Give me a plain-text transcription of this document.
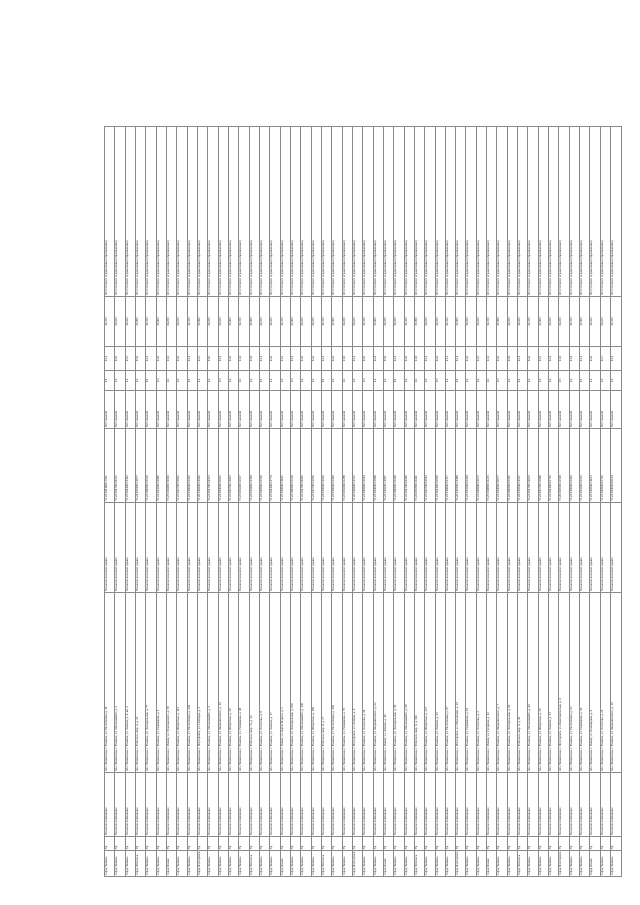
город Тюмень	Тр	Нежилое помещение	обл. Тюменская, г. Тюмень, ул. Республики, д. 11	Нежилое нежилое здание	72:23:0111001:2345	Нет записей	1/1	12,1	16,325	Отсутствуют ограничения (обременения)
город Тюмень	Тр	Нежилое помещение	обл. Тюменская, г. Тюмень, ул. Мельникайте, д. 2	Нежилое нежилое здание	72:23:0217002:4512	Нет записей	1/2	12,0	16,165	Отсутствуют ограничения (обременения)
город Тюмень	Тр	Нежилое помещение	обл. Тюменская, г. Тюмень, ул. Ленина, д. 4, кв. 1	Нежилое нежилое здание	72:23:0214001:3341	Нет записей	1/2	13,5	16,025	Отсутствуют ограничения (обременения)
город Тобольск	Тр	Нежилое помещение	обл. Тюменская, г. Тобольск, мкр. 4, д. 21	Нежилое нежилое здание	72:24:0301001:1877	Нет записей	1/2	11,0	15,995	Отсутствуют ограничения (обременения)
город Тюмень	Тр	Нежилое помещение	обл. Тюменская, г. Тюмень, ул. Холодильная, д. 77	Нежилое нежилое здание	72:23:0418002:5120	Нет записей	1/1	12,1	16,325	Отсутствуют ограничения (обременения)
город Тюмень	Тр	Нежилое помещение	обл. Тюменская, г. Тюмень, ул. Пермякова, д. 1	Нежилое нежилое здание	72:23:0432001:2980	Нет записей	1/3	12,0	15,905	Отсутствуют ограничения (обременения)
город Ишим	Тр	Нежилое помещение	обл. Тюменская, г. Ишим, ул. Луначарского, д. 59	Нежилое нежилое здание	72:25:0104003:1044	Нет записей	1/2	14,1	16,195	Отсутствуют ограничения (обременения)
город Тюмень	Тр	Нежилое помещение	обл. Тюменская, г. Тюмень, ул. Широтная, д. 113	Нежилое нежилое здание	72:23:0427001:3815	Нет записей	1/2	12,0	16,025	Отсутствуют ограничения (обременения)
город Тюмень	Тр	Нежилое помещение	обл. Тюменская, г. Тюмень, ул. Республики, д. 204	Нежилое нежилое здание	72:23:0106001:2201	Нет записей	1/1	12,1	16,325	Отсутствуют ограничения (обременения)
город Ялуторовск	Тр	Нежилое помещение	обл. Тюменская, г. Ялуторовск, ул. Свободы, д. 3	Нежилое нежилое здание	72:26:0102001:1456	Нет записей	1/2	12,5	15,995	Отсутствуют ограничения (обременения)
город Тюмень	Тр	Нежилое помещение	обл. Тюменская, г. Тюмень, ул. Мельникайте, д. 5	Нежилое нежилое здание	72:23:0217001:4472	Нет записей	1/2	13,0	16,025	Отсутствуют ограничения (обременения)
город Тюмень	Тр	Нежилое помещение	обл. Тюменская, г. Тюмень, ул. Федюнинского, д. 14	Нежилое нежилое здание	72:23:0430002:6012	Нет записей	1/3	12,1	16,165	Отсутствуют ограничения (обременения)
город Тюмень	Тр	Нежилое помещение	обл. Тюменская, г. Тюмень, ул. Широтная, д. 29	Нежилое нежилое здание	72:23:0427002:1923	Нет записей	1/2	12,0	15,905	Отсутствуют ограничения (обременения)
город Тюмень	Тр	Нежилое помещение	обл. Тюменская, г. Тюмень, ул. Пермякова, д. 48	Нежилое нежилое здание	72:23:0432003:2117	Нет записей	1/2	12,4	16,325	Отсутствуют ограничения (обременения)
город Тобольск	Тр	Нежилое помещение	обл. Тюменская, г. Тобольск, мкр. 7а, д. 12	Нежилое нежилое здание	72:24:0304002:1308	Нет записей	1/2	11,8	15,995	Отсутствуют ограничения (обременения)
город Тюмень	Тр	Нежилое помещение	обл. Тюменская, г. Тюмень, ул. Логунова, д. 8	Нежилое нежилое здание	72:23:0429001:3560	Нет записей	1/1	12,1	16,025	Отсутствуют ограничения (обременения)
город Тюмень	Тр	Нежилое помещение	обл. Тюменская, г. Тюмень, ул. Ленина, д. 17	Нежилое нежилое здание	72:23:0214002:2774	Нет записей	1/2	12,0	16,165	Отсутствуют ограничения (обременения)
город Ишим	Тр	Нежилое помещение	обл. Тюменская, г. Ишим, ул. Карла Маркса, д. 5	Нежилое нежилое здание	72:25:0106001:1182	Нет записей	1/2	13,2	16,325	Отсутствуют ограничения (обременения)
город Тюмень	Тр	Нежилое помещение	обл. Тюменская, г. Тюмень, ул. Холодильная, д. 136	Нежилое нежилое здание	72:23:0418001:5239	Нет записей	1/3	12,1	15,905	Отсутствуют ограничения (обременения)
город Тюмень	Тр	Нежилое помещение	обл. Тюменская, г. Тюмень, ул. Мельникайте, д. 130	Нежилое нежилое здание	72:23:0217003:4681	Нет записей	1/2	12,0	16,025	Отсутствуют ограничения (обременения)
город Тюмень	Тр	Нежилое помещение	обл. Тюменская, г. Тюмень, ул. Широтная, д. 100	Нежилое нежилое здание	72:23:0427003:2056	Нет записей	1/2	12,6	16,165	Отсутствуют ограничения (обременения)
город Тобольск	Тр	Нежилое помещение	обл. Тюменская, г. Тобольск, мкр. 9, д. 27	Нежилое нежилое здание	72:24:0306001:1620	Нет записей	1/1	12,1	16,325	Отсутствуют ограничения (обременения)
город Тюмень	Тр	Нежилое помещение	обл. Тюменская, г. Тюмень, ул. Республики, д. 160	Нежилое нежилое здание	72:23:0106002:2409	Нет записей	1/2	12,0	15,995	Отсутствуют ограничения (обременения)
город Тюмень	Тр	Нежилое помещение	обл. Тюменская, г. Тюмень, ул. Пермякова, д. 76	Нежилое нежилое здание	72:23:0432002:2288	Нет записей	1/2	13,0	16,025	Отсутствуют ограничения (обременения)
город Ялуторовск	Тр	Нежилое помещение	обл. Тюменская, г. Ялуторовск, ул. Ленина, д. 8	Нежилое нежилое здание	72:26:0104001:1532	Нет записей	1/2	12,1	16,165	Отсутствуют ограничения (обременения)
город Тюмень	Тр	Нежилое помещение	обл. Тюменская, г. Тюмень, ул. Логунова, д. 14	Нежилое нежилое здание	72:23:0429002:3614	Нет записей	1/3	12,0	16,325	Отсутствуют ограничения (обременения)
город Тюмень	Тр	Нежилое помещение	обл. Тюменская, г. Тюмень, ул. Федюнинского, д. 62	Нежилое нежилое здание	72:23:0430001:5988	Нет записей	1/2	12,4	15,905	Отсутствуют ограничения (обременения)
город Ишим	Тр	Нежилое помещение	обл. Тюменская, г. Ишим, ул. Ленина, д. 40	Нежилое нежилое здание	72:25:0102002:1097	Нет записей	1/2	11,9	16,025	Отсутствуют ограничения (обременения)
город Тюмень	Тр	Нежилое помещение	обл. Тюменская, г. Тюмень, ул. Холодильная, д. 59	Нежилое нежилое здание	72:23:0418003:5186	Нет записей	1/1	12,1	16,165	Отсутствуют ограничения (обременения)
город Тюмень	Тр	Нежилое помещение	обл. Тюменская, г. Тюмень, ул. Мельникайте, д. 99	Нежилое нежилое здание	72:23:0217004:4590	Нет записей	1/2	12,0	16,325	Отсутствуют ограничения (обременения)
город Тобольск	Тр	Нежилое помещение	обл. Тюменская, г. Тобольск, мкр. 6, д. 116	Нежилое нежилое здание	72:24:0303001:1411	Нет записей	1/2	12,8	15,995	Отсутствуют ограничения (обременения)
город Тюмень	Тр	Нежилое помещение	обл. Тюменская, г. Тюмень, ул. Широтная, д. 217	Нежилое нежилое здание	72:23:0427004:2143	Нет записей	1/2	12,1	16,025	Отсутствуют ограничения (обременения)
город Тюмень	Тр	Нежилое помещение	обл. Тюменская, г. Тюмень, ул. Ленина, д. 61	Нежилое нежилое здание	72:23:0214003:2830	Нет записей	1/3	12,0	16,165	Отсутствуют ограничения (обременения)
город Тюмень	Тр	Нежилое помещение	обл. Тюменская, г. Тюмень, ул. Республики, д. 87	Нежилое нежилое здание	72:23:0106003:2357	Нет записей	1/2	13,1	16,325	Отсутствуют ограничения (обременения)
город Ялуторовск	Тр	Нежилое помещение	обл. Тюменская, г. Ялуторовск, ул. Революции, д. 21	Нежилое нежилое здание	72:26:0103002:1488	Нет записей	1/1	12,1	15,905	Отсутствуют ограничения (обременения)
город Тюмень	Тр	Нежилое помещение	обл. Тюменская, г. Тюмень, ул. Пермякова, д. 10	Нежилое нежилое здание	72:23:0432004:2204	Нет записей	1/2	12,0	16,025	Отсутствуют ограничения (обременения)
город Тюмень	Тр	Нежилое помещение	обл. Тюменская, г. Тюмень, ул. Логунова, д. 3	Нежилое нежилое здание	72:23:0429003:3671	Нет записей	1/2	12,5	16,165	Отсутствуют ограничения (обременения)
город Ишим	Тр	Нежилое помещение	обл. Тюменская, г. Ишим, ул. Гагарина, д. 12	Нежилое нежилое здание	72:25:0108001:1225	Нет записей	1/2	12,1	16,325	Отсутствуют ограничения (обременения)
город Тюмень	Тр	Нежилое помещение	обл. Тюменская, г. Тюмень, ул. Федюнинского, д. 7	Нежилое нежилое здание	72:23:0430003:6077	Нет записей	1/3	12,0	15,995	Отсутствуют ограничения (обременения)
город Тюмень	Тр	Нежилое помещение	обл. Тюменская, г. Тюмень, ул. Холодильная, д. 18	Нежилое нежилое здание	72:23:0418004:5295	Нет записей	1/2	12,9	16,025	Отсутствуют ограничения (обременения)
город Тобольск	Тр	Нежилое помещение	обл. Тюменская, г. Тобольск, мкр. 8, д. 45	Нежилое нежилое здание	72:24:0305002:1567	Нет записей	1/1	12,1	16,165	Отсутствуют ограничения (обременения)
город Тюмень	Тр	Нежилое помещение	обл. Тюменская, г. Тюмень, ул. Мельникайте, д. 44	Нежилое нежилое здание	72:23:0217005:4633	Нет записей	1/2	12,0	16,325	Отсутствуют ограничения (обременения)
город Тюмень	Тр	Нежилое помещение	обл. Тюменская, г. Тюмень, ул. Широтная, д. 56	Нежилое нежилое здание	72:23:0427005:2098	Нет записей	1/2	12,3	15,905	Отсутствуют ограничения (обременения)
город Тюмень	Тр	Нежилое помещение	обл. Тюменская, г. Тюмень, ул. Ленина, д. 33	Нежилое нежилое здание	72:23:0214004:2716	Нет записей	1/2	12,1	16,025	Отсутствуют ограничения (обременения)
город Ялуторовск	Тр	Нежилое помещение	обл. Тюменская, г. Ялуторовск, ул. Комсомольская, д. 4	Нежилое нежилое здание	72:26:0105001:1509	Нет записей	1/3	12,0	16,165	Отсутствуют ограничения (обременения)
город Тюмень	Тр	Нежилое помещение	обл. Тюменская, г. Тюмень, ул. Республики, д. 65	Нежилое нежилое здание	72:23:0106004:2462	Нет записей	1/2	13,4	16,325	Отсутствуют ограничения (обременения)
город Тюмень	Тр	Нежилое помещение	обл. Тюменская, г. Тюмень, ул. Пермякова, д. 34	Нежилое нежилое здание	72:23:0432005:2251	Нет записей	1/1	12,1	15,995	Отсутствуют ограничения (обременения)
город Ишим	Тр	Нежилое помещение	обл. Тюменская, г. Ишим, ул. Пономарева, д. 9	Нежилое нежилое здание	72:25:0105002:1163	Нет записей	1/2	12,0	16,025	Отсутствуют ограничения (обременения)
город Тюмень	Тр	Нежилое помещение	обл. Тюменская, г. Тюмень, ул. Логунова, д. 21	Нежилое нежилое здание	72:23:0429004:3702	Нет записей	1/2	12,7	16,165	Отсутствуют ограничения (обременения)
город Тюмень	Тр	Нежилое помещение	обл. Тюменская, г. Тюмень, ул. Федюнинского, д. 30	Нежилое нежилое здание	72:23:0430004:6134	Нет записей	1/2	12,1	16,325	Отсутствуют ограничения (обременения)
